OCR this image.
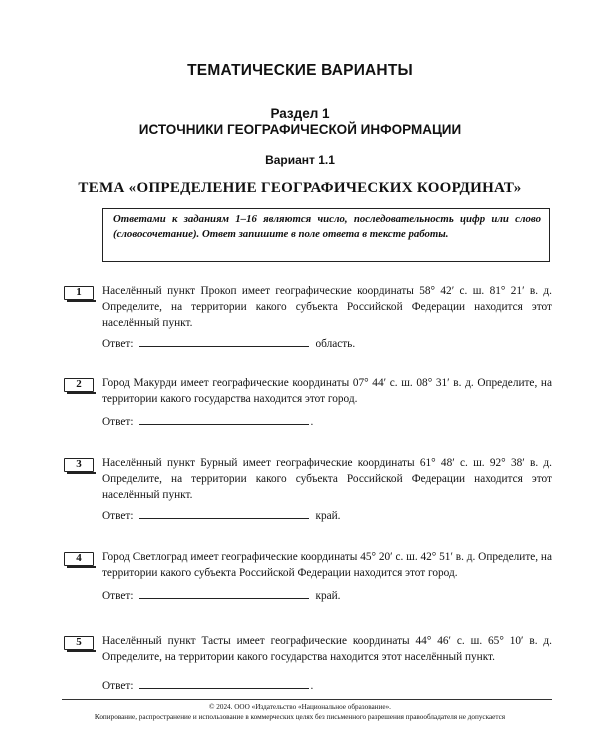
ТЕМАТИЧЕСКИЕ ВАРИАНТЫ
Раздел 1
ИСТОЧНИКИ ГЕОГРАФИЧЕСКОЙ ИНФОРМАЦИИ
Вариант 1.1
ТЕМА «ОПРЕДЕЛЕНИЕ ГЕОГРАФИЧЕСКИХ КООРДИНАТ»
Ответами к заданиям 1–16 являются число, последовательность цифр или слово (словосочетание). Ответ запишите в поле ответа в тексте работы.
1	Населённый пункт Прокоп имеет географические координаты 58° 42′ с. ш. 81° 21′ в. д. Определите, на территории какого субъекта Российской Федерации находится этот населённый пункт.
Ответ:	область.
2	Город Макурди имеет географические координаты 07° 44′ с. ш. 08° 31′ в. д. Определите, на территории какого государства находится этот город.
Ответ:	.
3	Населённый пункт Бурный имеет географические координаты 61° 48′ с. ш. 92° 38′ в. д. Определите, на территории какого субъекта Российской Федерации находится этот населённый пункт.
Ответ:	край.
4	Город Светлоград имеет географические координаты 45° 20′ с. ш. 42° 51′ в. д. Определите, на территории какого субъекта Российской Федерации находится этот город.
Ответ:	край.
5	Населённый пункт Тасты имеет географические координаты 44° 46′ с. ш. 65° 10′ в. д. Определите, на территории какого государства находится этот населённый пункт.
Ответ:	.
© 2024. ООО «Издательство «Национальное образование».
Копирование, распространение и использование в коммерческих целях без письменного разрешения правообладателя не допускается
